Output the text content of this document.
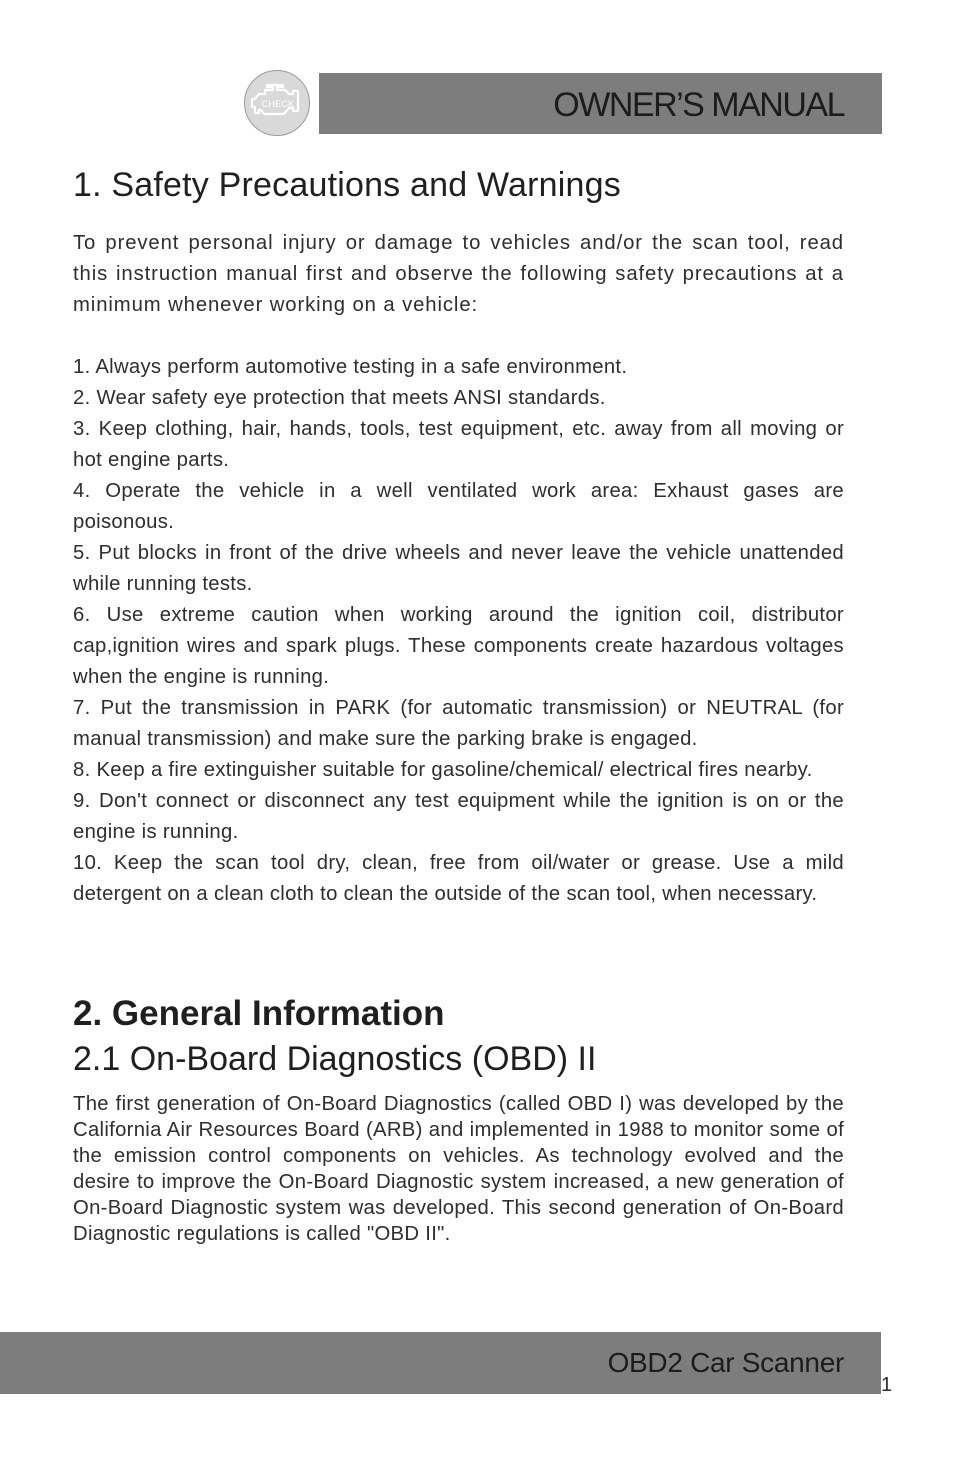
CHECK	OWNER’S MANUAL
1. Safety Precautions and Warnings

To prevent personal injury or damage to vehicles and/or the scan tool, read this instruction manual first and observe the following safety precautions at a minimum whenever working on a vehicle:

1. Always perform automotive testing in a safe environment.
2. Wear safety eye protection that meets ANSI standards.
3. Keep clothing, hair, hands, tools, test equipment, etc. away from all moving or hot engine parts.
4. Operate the vehicle in a well ventilated work area: Exhaust gases are poisonous.
5. Put blocks in front of the drive wheels and never leave the vehicle unattended while running tests.
6. Use extreme caution when working around the ignition coil, distributor cap,ignition wires and spark plugs. These components create hazardous voltages when the engine is running.
7. Put the transmission in PARK (for automatic transmission) or NEUTRAL (for manual transmission) and make sure the parking brake is engaged.
8. Keep a fire extinguisher suitable for gasoline/chemical/ electrical fires nearby.
9. Don't connect or disconnect any test equipment while the ignition is on or the engine is running.
10. Keep the scan tool dry, clean, free from oil/water or grease. Use a mild detergent on a clean cloth to clean the outside of the scan tool, when necessary.
2. General Information
2.1 On-Board Diagnostics (OBD) II

The first generation of On-Board Diagnostics (called OBD I) was developed by the California Air Resources Board (ARB) and implemented in 1988 to monitor some of the emission control components on vehicles. As technology evolved and the desire to improve the On-Board Diagnostic system increased, a new generation of On-Board Diagnostic system was developed. This second generation of On-Board Diagnostic regulations is called "OBD II".

OBD2 Car Scanner
1
